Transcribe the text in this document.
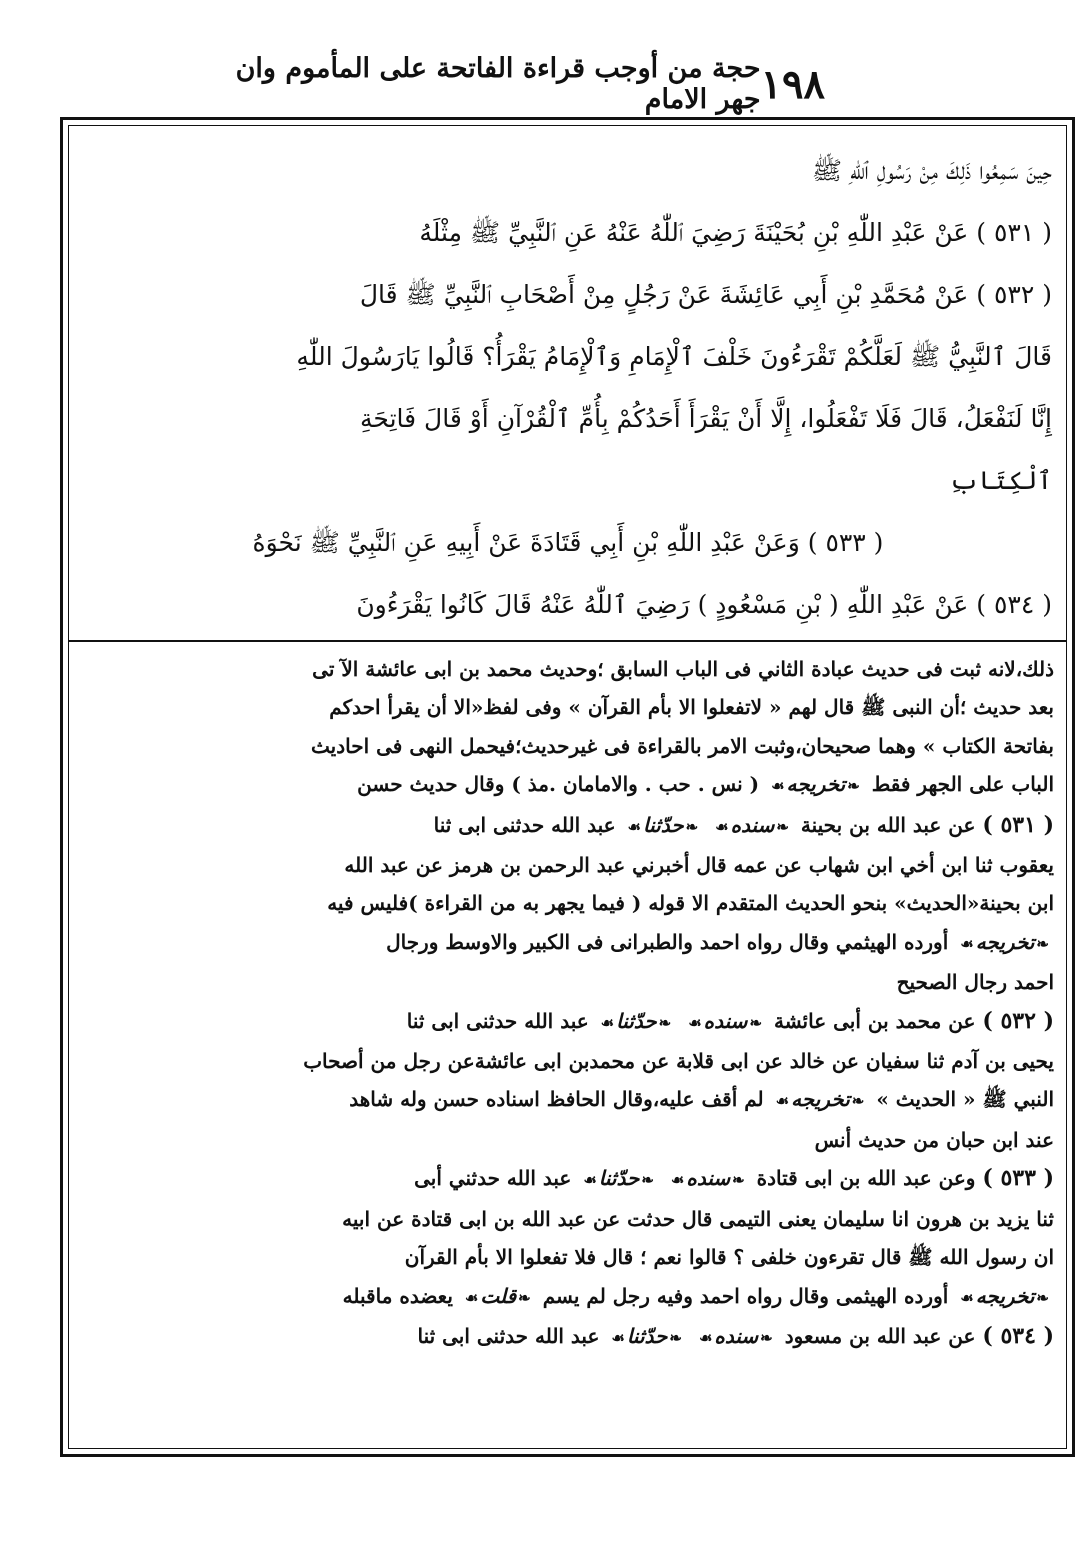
١٩٨
حجة من أوجب قراءة الفاتحة على المأموم وان جهر الامام

حِينَ سَمِعُوا ذَلِكَ مِنْ رَسُولِ ٱللّٰهِ ﷺ

( ٥٣١ ) عَنْ عَبْدِ اللّٰهِ بْنِ بُحَيْنَةَ رَضِيَ ٱللّٰهُ عَنْهُ عَنِ ٱلنَّبِيِّ ﷺ مِثْلَهُ

( ٥٣٢ ) عَنْ مُحَمَّدِ بْنِ أَبِي عَائِشَةَ عَنْ رَجُلٍ مِنْ أَصْحَابِ ٱلنَّبِيِّ ﷺ قَالَ

قَالَ ٱلنَّبِيُّ ﷺ لَعَلَّكُمْ تَقْرَءُونَ خَلْفَ ٱلْإِمَامِ وَٱلْإِمَامُ يَقْرَأُ؟ قَالُوا يَارَسُولَ اللّٰهِ

إِنَّا لَنَفْعَلُ، قَالَ فَلَا تَفْعَلُوا، إِلَّا أَنْ يَقْرَأَ أَحَدُكُمْ بِأُمِّ ٱلْقُرْآنِ أَوْ قَالَ فَاتِحَةِ

ٱلْكِتَابِ

( ٥٣٣ ) وَعَنْ عَبْدِ اللّٰهِ بْنِ أَبِي قَتَادَةَ عَنْ أَبِيهِ عَنِ ٱلنَّبِيِّ ﷺ نَحْوَهُ

( ٥٣٤ ) عَنْ عَبْدِ اللّٰهِ ( بْنِ مَسْعُودٍ ) رَضِيَ ٱللّٰهُ عَنْهُ قَالَ كَانُوا يَقْرَءُونَ

ذلك،لانه ثبت فى حديث عبادة الثاني فى الباب السابق ؛وحديث محمد بن ابى عائشة الآ تى

بعد حديث ؛أن النبى ﷺ قال لهم « لاتفعلوا الا بأم القرآن » وفى لفظ«الا أن يقرأ احدكم

بفاتحة الكتاب » وهما صحيحان،وثبت الامر بالقراءة فى غيرحديث؛فيحمل النهى فى احاديث

الباب على الجهر فقط ❧ تخريجه ☙ ( نس . حب . والامامان .مذ ) وقال حديث حسن

( ٥٣١ ) عن عبد الله بن بحينة ❧ سنده ☙ ❧ حدّثنا ☙ عبد الله حدثنى ابى ثنا

يعقوب ثنا ابن أخي ابن شهاب عن عمه قال أخبرني عبد الرحمن بن هرمز عن عبد الله

ابن بحينة«الحديث» بنحو الحديث المتقدم الا قوله ( فيما يجهر به من القراءة )فليس فيه

❧ تخريجه ☙ أورده الهيثمي وقال رواه احمد والطبرانى فى الكبير والاوسط ورجال

احمد رجال الصحيح

( ٥٣٢ ) عن محمد بن أبى عائشة ❧ سنده ☙ ❧ حدّثنا ☙ عبد الله حدثنى ابى ثنا

يحيى بن آدم ثنا سفيان عن خالد عن ابى قلابة عن محمدبن ابى عائشةعن رجل من أصحاب

النبي ﷺ « الحديث » ❧ تخريجه ☙ لم أقف عليه،وقال الحافظ اسناده حسن وله شاهد

عند ابن حبان من حديث أنس

( ٥٣٣ ) وعن عبد الله بن ابى قتادة ❧ سنده ☙ ❧ حدّثنا ☙ عبد الله حدثني أبى

ثنا يزيد بن هرون انا سليمان يعنى التيمى قال حدثت عن عبد الله بن ابى قتادة عن ابيه

ان رسول الله ﷺ قال تقرءون خلفى ؟ قالوا نعم ؛ قال فلا تفعلوا الا بأم القرآن

❧ تخريجه ☙ أورده الهيثمى وقال رواه احمد وفيه رجل لم يسم ❧ قلت ☙ يعضده ماقبله

( ٥٣٤ ) عن عبد الله بن مسعود ❧ سنده ☙ ❧ حدّثنا ☙ عبد الله حدثنى ابى ثنا
